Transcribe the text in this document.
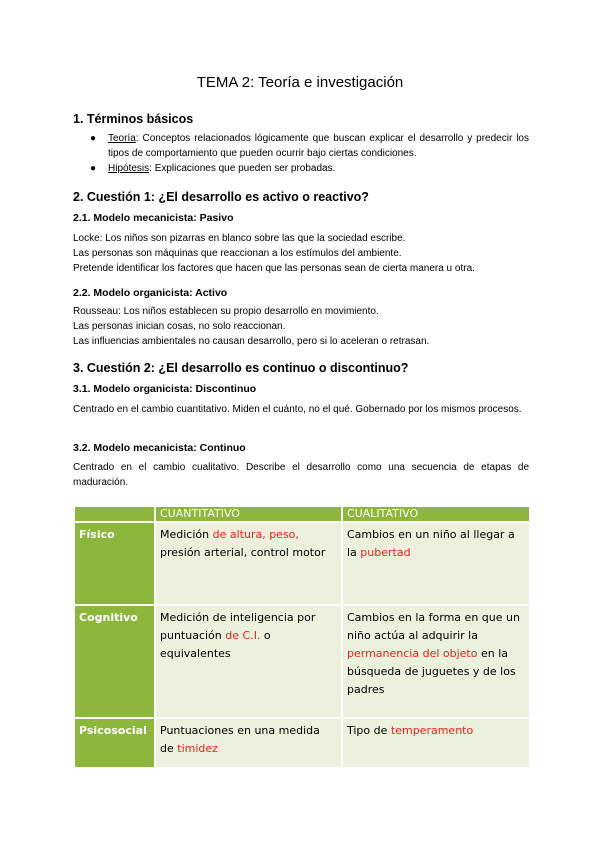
TEMA 2: Teoría e investigación
1. Términos básicos
● Teoría: Conceptos relacionados lógicamente que buscan explicar el desarrollo y predecir los tipos de comportamiento que pueden ocurrir bajo ciertas condiciones.
● Hipótesis: Explicaciones que pueden ser probadas.
2. Cuestión 1: ¿El desarrollo es activo o reactivo?
2.1. Modelo mecanicista: Pasivo
Locke: Los niños son pizarras en blanco sobre las que la sociedad escribe.
Las personas son máquinas que reaccionan a los estímulos del ambiente.
Pretende identificar los factores que hacen que las personas sean de cierta manera u otra.
2.2. Modelo organicista: Activo
Rousseau: Los niños establecen su propio desarrollo en movimiento.
Las personas inician cosas, no solo reaccionan.
Las influencias ambientales no causan desarrollo, pero si lo aceleran o retrasan.
3. Cuestión 2: ¿El desarrollo es continuo o discontinuo?
3.1. Modelo organicista: Discontinuo
Centrado en el cambio cuantitativo. Miden el cuánto, no el qué. Gobernado por los mismos procesos.
3.2. Modelo mecanicista: Continuo
Centrado en el cambio cualitativo. Describe el desarrollo como una secuencia de etapas de maduración.
	CUANTITATIVO	CUALITATIVO
Físico	Medición de altura, peso, presión arterial, control motor	Cambios en un niño al llegar a la pubertad
Cognitivo	Medición de inteligencia por puntuación de C.I. o equivalentes	Cambios en la forma en que un niño actúa al adquirir la permanencia del objeto en la búsqueda de juguetes y de los padres
Psicosocial	Puntuaciones en una medida de timidez	Tipo de temperamento
